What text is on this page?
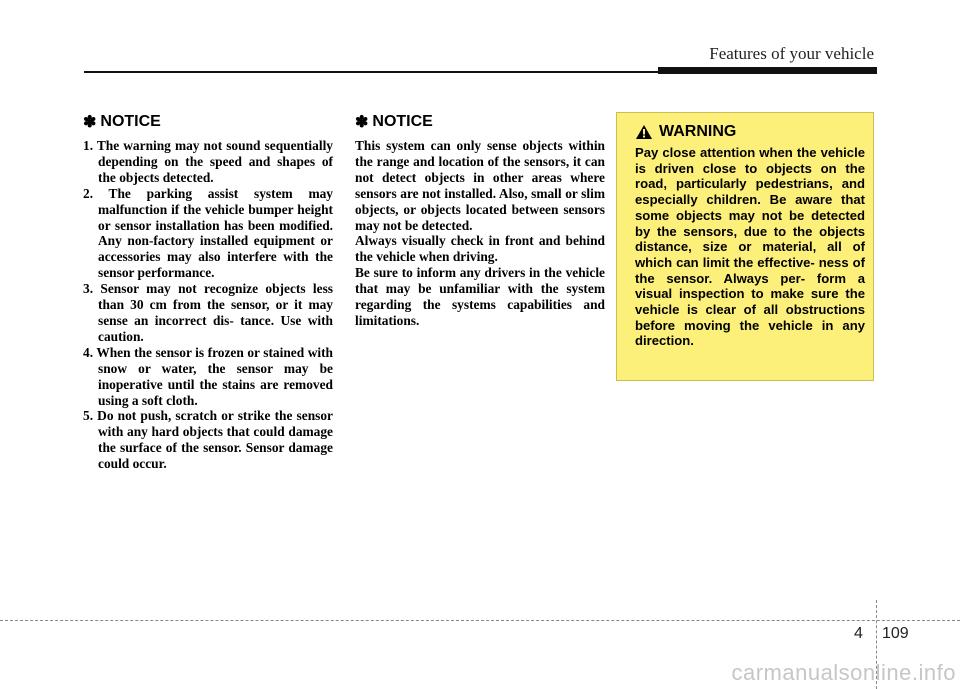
Features of your vehicle
✽ NOTICE
1. The warning may not sound sequentially depending on the speed and shapes of the objects detected.
2. The parking assist system may malfunction if the vehicle bumper height or sensor installation has been modified. Any non-factory installed equipment or accessories may also interfere with the sensor performance.
3. Sensor may not recognize objects less than 30 cm from the sensor, or it may sense an incorrect dis- tance. Use with caution.
4. When the sensor is frozen or stained with snow or water, the sensor may be inoperative until the stains are removed using a soft cloth.
5. Do not push, scratch or strike the sensor with any hard objects that could damage the surface of the sensor. Sensor damage could occur.
✽ NOTICE

This system can only sense objects within the range and location of the sensors, it can not detect objects in other areas where sensors are not installed. Also, small or slim objects, or objects located between sensors may not be detected.

Always visually check in front and behind the vehicle when driving.

Be sure to inform any drivers in the vehicle that may be unfamiliar with the system regarding the systems capabilities and limitations.

WARNING

Pay close attention when the vehicle is driven close to objects on the road, particularly pedestrians, and especially children. Be aware that some objects may not be detected by the sensors, due to the objects distance, size or material, all of which can limit the effective- ness of the sensor. Always per- form a visual inspection to make sure the vehicle is clear of all obstructions before moving the vehicle in any direction.

4 109
carmanualsonline.info
